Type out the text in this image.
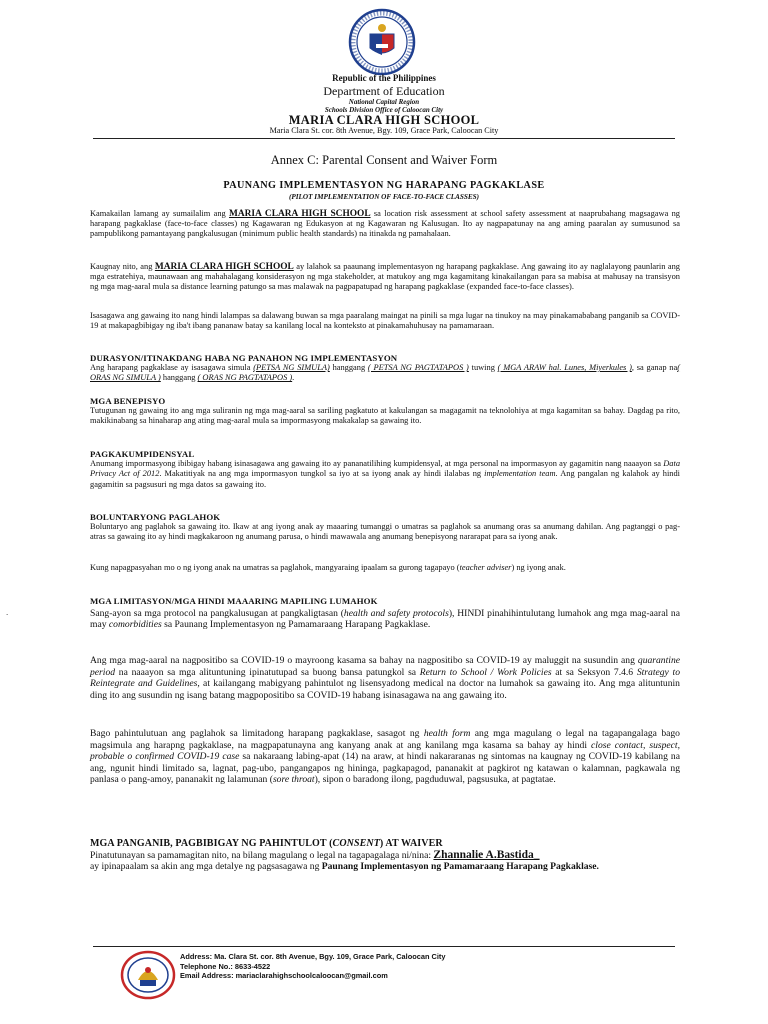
Republic of the Philippines
Department of Education
National Capital Region
Schools Division Office of Caloocan City
MARIA CLARA HIGH SCHOOL
Maria Clara St. cor. 8th Avenue, Bgy. 109, Grace Park, Caloocan City
Annex C: Parental Consent and Waiver Form
PAUNANG IMPLEMENTASYON NG HARAPANG PAGKAKLASE
(PILOT IMPLEMENTATION OF FACE-TO-FACE CLASSES)

Kamakailan lamang ay sumailalim ang MARIA CLARA HIGH SCHOOL sa location risk assessment at school safety assessment at naaprubahang magsagawa ng harapang pagkaklase (face-to-face classes) ng Kagawaran ng Edukasyon at ng Kagawaran ng Kalusugan. Ito ay nagpapatunay na ang aming paaralan ay sumusunod sa pampublikong pamantayang pangkalusugan (minimum public health standards) na itinakda ng pamahalaan.

Kaugnay nito, ang MARIA CLARA HIGH SCHOOL ay lalahok sa paaunang implementasyon ng harapang pagkaklase. Ang gawaing ito ay naglalayong paunlarin ang mga estratehiya, maunawaan ang mahahalagang konsiderasyon ng mga stakeholder, at matukoy ang mga kagamitang kinakailangan para sa mabisa at mahusay na transisyon ng mga mag-aaral mula sa distance learning patungo sa mas malawak na pagpapatupad ng harapang pagkaklase (expanded face-to-face classes).

Isasagawa ang gawaing ito nang hindi lalampas sa dalawang buwan sa mga paaralang maingat na pinili sa mga lugar na tinukoy na may pinakamababang panganib sa COVID-19 at makapagbibigay ng iba't ibang pananaw batay sa kanilang local na konteksto at pinakamahuhusay na pamamaraan.

DURASYON/ITINAKDANG HABA NG PANAHON NG IMPLEMENTASYON

Ang harapang pagkaklase ay isasagawa simula (PETSA NG SIMULA) hanggang ( PETSA NG PAGTATAPOS ) tuwing ( MGA ARAW hal. Lunes, Miyerkules ), sa ganap na( ORAS NG SIMULA ) hanggang ( ORAS NG PAGTATAPOS ).

MGA BENEPISYO

Tutugunan ng gawaing ito ang mga suliranin ng mga mag-aaral sa sariling pagkatuto at kakulangan sa magagamit na teknolohiya at mga kagamitan sa bahay. Dagdag pa rito, makikinabang sa hinaharap ang ating mag-aaral mula sa impormasyong makakalap sa gawaing ito.

PAGKAKUMPIDENSYAL

Anumang impormasyong ibibigay habang isinasagawa ang gawaing ito ay pananatilihing kumpidensyal, at mga personal na impormasyon ay gagamitin nang naaayon sa Data Privacy Act of 2012. Makatitiyak na ang mga impormasyon tungkol sa iyo at sa iyong anak ay hindi ilalabas ng implementation team. Ang pangalan ng kalahok ay hindi gagamitin sa pagsusuri ng mga datos sa gawaing ito.

BOLUNTARYONG PAGLAHOK

Boluntaryo ang paglahok sa gawaing ito. Ikaw at ang iyong anak ay maaaring tumanggi o umatras sa paglahok sa anumang oras sa anumang dahilan. Ang pagtanggi o pag-atras sa gawaing ito ay hindi magkakaroon ng anumang parusa, o hindi mawawala ang anumang benepisyong nararapat para sa iyong anak.

Kung napagpasyahan mo o ng iyong anak na umatras sa paglahok, mangyaraing ipaalam sa gurong tagapayo (teacher adviser) ng iyong anak.

.
MGA LIMITASYON/MGA HINDI MAAARING MAPILING LUMAHOK

Sang-ayon sa mga protocol na pangkalusugan at pangkaligtasan (health and safety protocols), HINDI pinahihintulutang lumahok ang mga mag-aaral na may comorbidities sa Paunang Implementasyon ng Pamamaraang Harapang Pagkaklase.

Ang mga mag-aaral na nagpositibo sa COVID-19 o mayroong kasama sa bahay na nagpositibo sa COVID-19 ay maluggit na susundin ang quarantine period na naaayon sa mga alituntuning ipinatutupad sa buong bansa patungkol sa Return to School / Work Policies at sa Seksyon 7.4.6 Strategy to Reintegrate and Guidelines, at kailangang mabigyang pahintulot ng lisensyadong medical na doctor na lumahok sa gawaing ito. Ang mga alituntunin ding ito ang susundin ng isang batang magpopositibo sa COVID-19 habang isinasagawa na ang gawaing ito.

Bago pahintulutuan ang paglahok sa limitadong harapang pagkaklase, sasagot ng health form ang mga magulang o legal na tagapangalaga bago magsimula ang harapng pagkaklase, na magpapatunayna ang kanyang anak at ang kanilang mga kasama sa bahay ay hindi close contact, suspect, probable o confirmed COVID-19 case sa nakaraang labing-apat (14) na araw, at hindi nakararanas ng sintomas na kaugnay ng COVID-19 kabilang na ang, ngunit hindi limitado sa, lagnat, pag-ubo, pangangapos ng hininga, pagkapagod, pananakit at pagkirot ng katawan o kalamnan, pagkawala ng panlasa o pang-amoy, pananakit ng lalamunan (sore throat), sipon o baradong ilong, pagduduwal, pagsusuka, at pagtatae.

MGA PANGANIB, PAGBIBIGAY NG PAHINTULOT (CONSENT) AT WAIVER

Pinatutunayan sa pamamagitan nito, na bilang magulang o legal na tagapagalaga ni/nina: Zhannalie A.Bastida_

ay ipinapaalam sa akin ang mga detalye ng pagsasagawa ng Paunang Implementasyon ng Pamamaraang Harapang Pagkaklase.

Address: Ma. Clara St. cor. 8th Avenue, Bgy. 109, Grace Park, Caloocan City
Telephone No.: 8633-4522
Email Address: mariaclarahighschoolcaloocan@gmail.com
